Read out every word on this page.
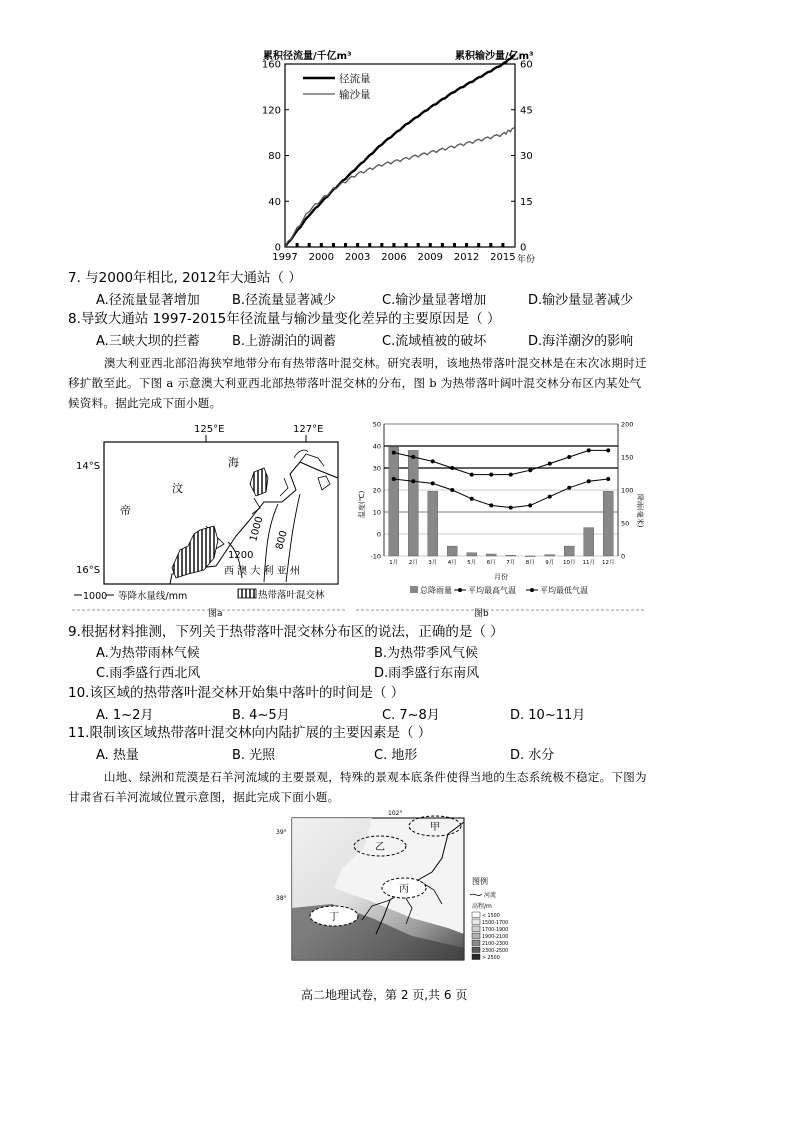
累积径流量/千亿m³	累积输沙量/亿m³
0
40
80
120
160
0
15
30
45
60
1997 2000 2003 2006 2009 2012 2015
径流量
输沙量
年份
7. 与2000年相比, 2012年大通站（ ）
A.径流量显著增加 B.径流量显著减少	C.输沙量显著增加	D.输沙量显著减少
8.导致大通站 1997-2015年径流量与输沙量变化差异的主要原因是（ ）
A.三峡大坝的拦蓄 B.上游湖泊的调蓄	C.流域植被的破坏	D.海洋潮汐的影响
澳大利亚西北部沿海狭窄地带分布有热带落叶混交林。研究表明，该地热带落叶混交林是在末次冰期时迁
移扩散至此。下图 a 示意澳大利亚西北部热带落叶混交林的分布，图 b 为热带落叶阔叶混交林分布区内某处气
候资料。据此完成下面小题。
125°E	127°E
14°S
16°S
海
汶
帝
1000 800
1200
西 澳 大 利 亚 州
1000 等降水量线/mm	热带落叶混交林
图a
-10
0
10
20
30
40
50
0
50
100
150
200
1月 2月 3月 4月 5月 6月 7月 8月 9月 10月 11月 12月
温度(℃)	降雨(毫米)
月份
总降雨量 平均最高气温	平均最低气温
图b
9.根据材料推测，下列关于热带落叶混交林分布区的说法，正确的是（ ）
A.为热带雨林气候	B.为热带季风气候
C.雨季盛行西北风	D.雨季盛行东南风
10.该区域的热带落叶混交林开始集中落叶的时间是（ ）
A. 1~2月	B. 4~5月	C. 7~8月	D. 10~11月
11.限制该区域热带落叶混交林向内陆扩展的主要因素是（ ）
A. 热量	B. 光照	C. 地形	D. 水分
山地、绿洲和荒漠是石羊河流域的主要景观，特殊的景观本底条件使得当地的生态系统极不稳定。下图为
甘肃省石羊河流域位置示意图，据此完成下面小题。
102°
39°
38°
甲
乙
丙
丁
图例
河流
高程/m
< 1500
1500-1700
1700-1900
1900-2100
2100-2300
2300-2500
> 2500
高二地理试卷，第 2 页,共 6 页
